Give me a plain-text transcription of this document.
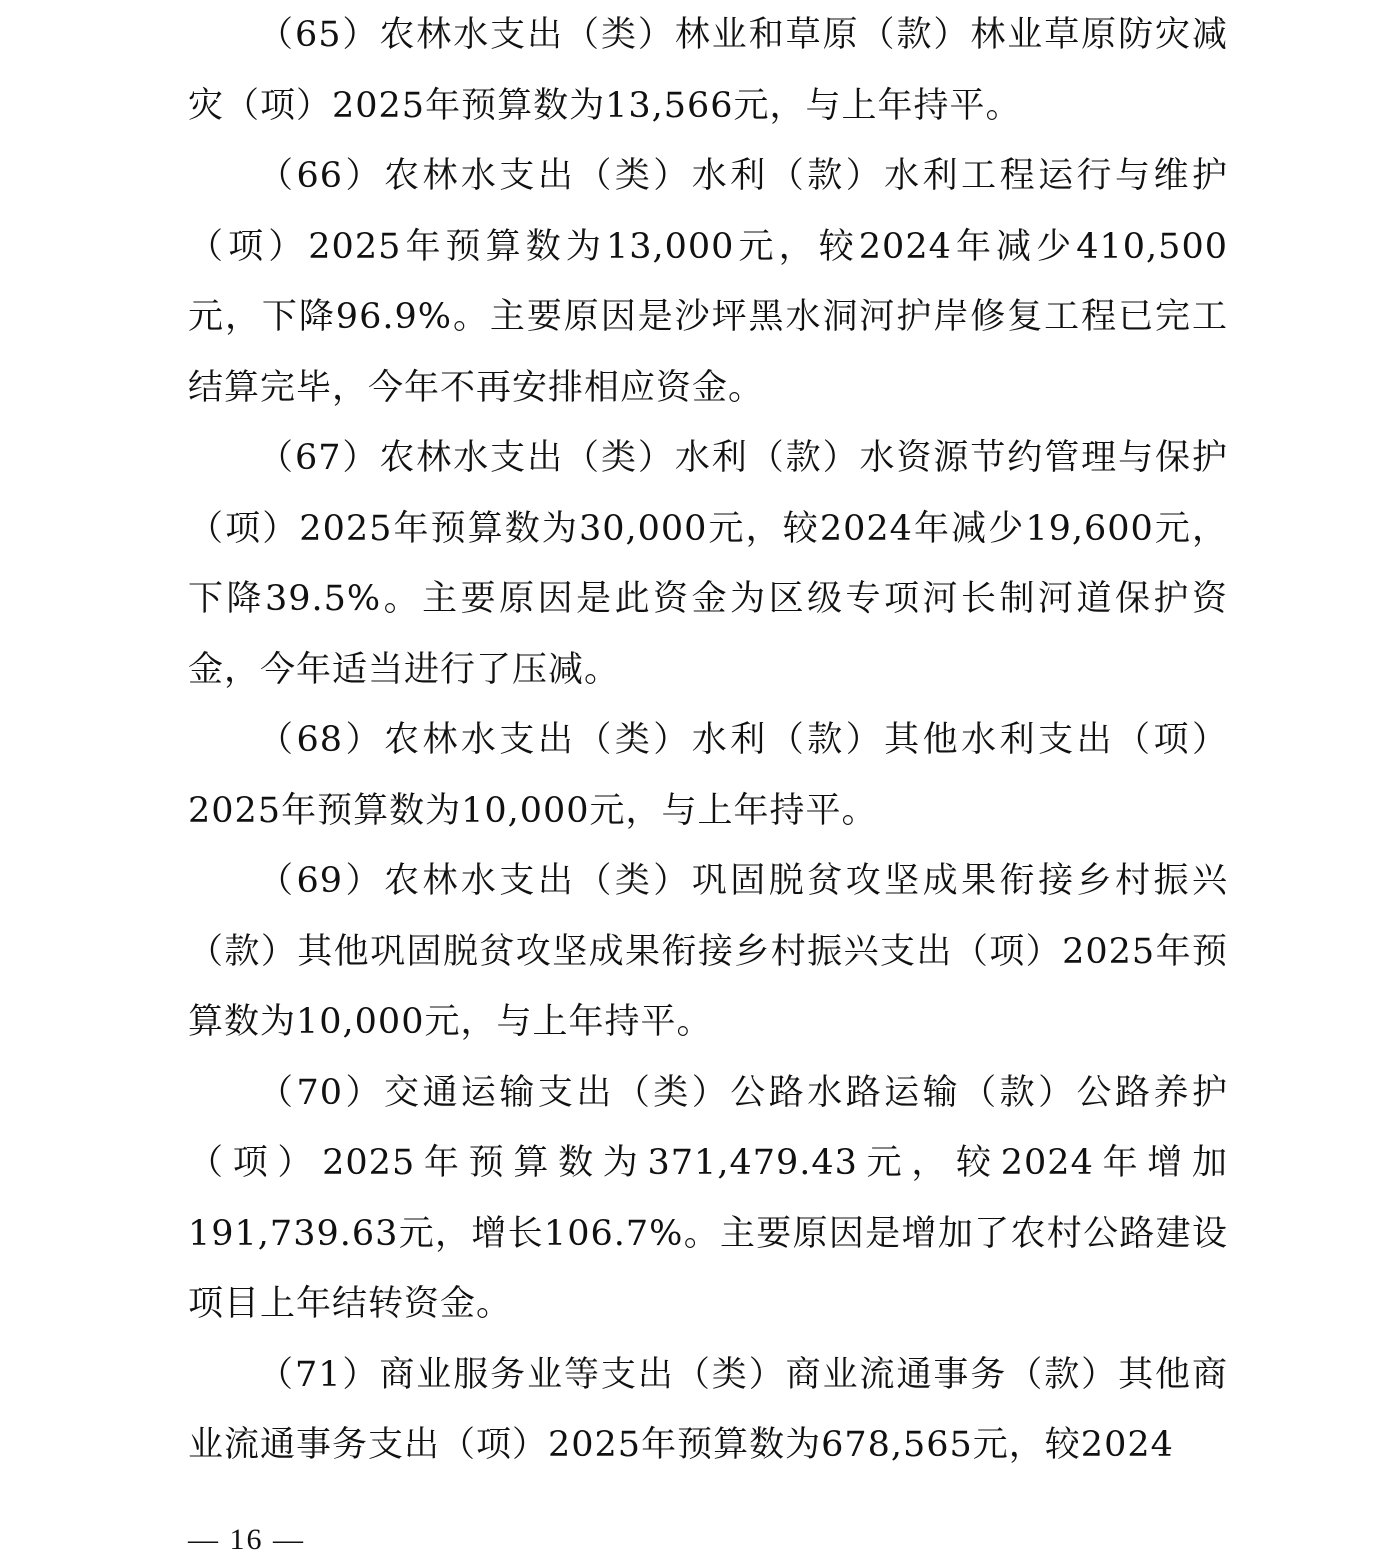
（65）农林水支出（类）林业和草原（款）林业草原防灾减灾（项）2025年预算数为13,566元，与上年持平。

（66）农林水支出（类）水利（款）水利工程运行与维护（项）2025年预算数为13,000元，较2024年减少410,500元，下降96.9%。主要原因是沙坪黑水洞河护岸修复工程已完工结算完毕，今年不再安排相应资金。

（67）农林水支出（类）水利（款）水资源节约管理与保护（项）2025年预算数为30,000元，较2024年减少19,600元，下降39.5%。主要原因是此资金为区级专项河长制河道保护资金，今年适当进行了压减。

（68）农林水支出（类）水利（款）其他水利支出（项）2025年预算数为10,000元，与上年持平。

（69）农林水支出（类）巩固脱贫攻坚成果衔接乡村振兴（款）其他巩固脱贫攻坚成果衔接乡村振兴支出（项）2025年预算数为10,000元，与上年持平。

（70）交通运输支出（类）公路水路运输（款）公路养护（项）2025年预算数为371,479.43元，较2024年增加191,739.63元，增长106.7%。主要原因是增加了农村公路建设项目上年结转资金。

（71）商业服务业等支出（类）商业流通事务（款）其他商业流通事务支出（项）2025年预算数为678,565元，较2024

— 16 —
